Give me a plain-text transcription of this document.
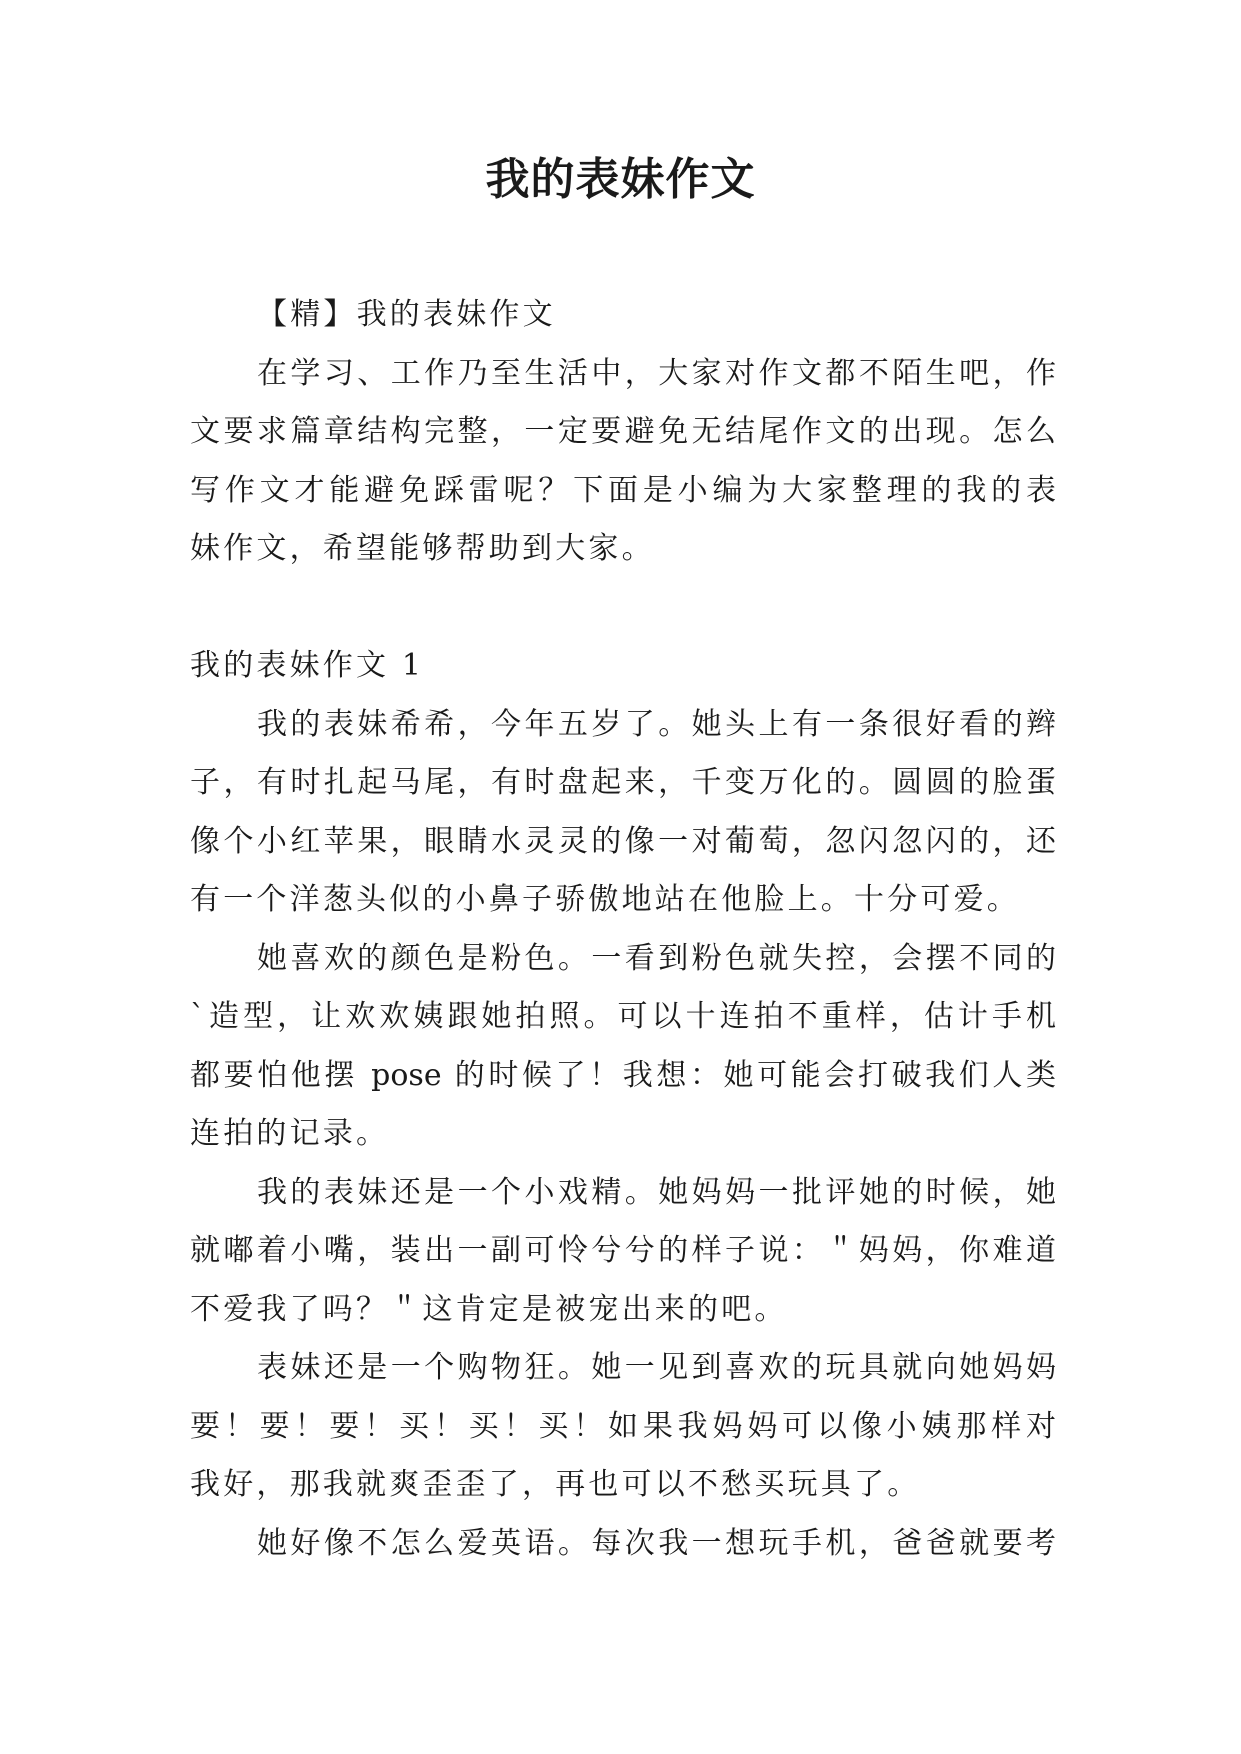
我的表妹作文
【精】我的表妹作文
在学习、工作乃至生活中，大家对作文都不陌生吧，作
文要求篇章结构完整，一定要避免无结尾作文的出现。怎么
写作文才能避免踩雷呢？下面是小编为大家整理的我的表
妹作文，希望能够帮助到大家。
我的表妹作文 1
我的表妹希希，今年五岁了。她头上有一条很好看的辫
子，有时扎起马尾，有时盘起来，千变万化的。圆圆的脸蛋
像个小红苹果，眼睛水灵灵的像一对葡萄，忽闪忽闪的，还
有一个洋葱头似的小鼻子骄傲地站在他脸上。十分可爱。
她喜欢的颜色是粉色。一看到粉色就失控，会摆不同的
`造型，让欢欢姨跟她拍照。可以十连拍不重样，估计手机
都要怕他摆 pose 的时候了！我想：她可能会打破我们人类
连拍的记录。
我的表妹还是一个小戏精。她妈妈一批评她的时候，她
就嘟着小嘴，装出一副可怜兮兮的样子说：＂妈妈，你难道
不爱我了吗？＂这肯定是被宠出来的吧。
表妹还是一个购物狂。她一见到喜欢的玩具就向她妈妈
要！要！要！买！买！买！如果我妈妈可以像小姨那样对
我好，那我就爽歪歪了，再也可以不愁买玩具了。
她好像不怎么爱英语。每次我一想玩手机，爸爸就要考
